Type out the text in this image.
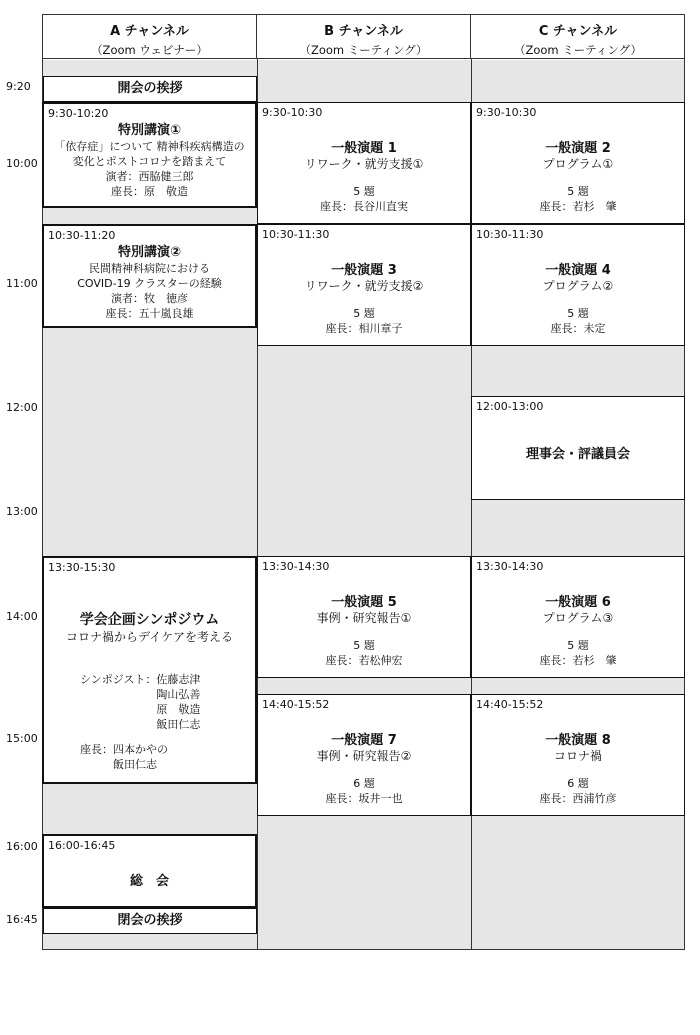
A チャンネル
（Zoom ウェビナー）
B チャンネル
（Zoom ミーティング）
C チャンネル
（Zoom ミーティング）
9:20
10:00
11:00
12:00
13:00
14:00
15:00
16:00
16:45
開会の挨拶
9:30-10:20
特別講演①
「依存症」について 精神科疾病構造の
変化とポストコロナを踏まえて
演者：西脇健三郎
座長：原　敬造
10:30-11:20
特別講演②
民間精神科病院における
COVID-19 クラスターの経験
演者：牧　徳彦
座長：五十嵐良雄
13:30-15:30
学会企画シンポジウム
コロナ禍からデイケアを考える
シンポジスト： 佐藤志津
陶山弘善
原　敬造
飯田仁志
座長： 四本かやの
飯田仁志
16:00-16:45
総　会
閉会の挨拶
9:30-10:30
一般演題 1
リワーク・就労支援①
5 題
座長：長谷川直実
9:30-10:30
一般演題 2
プログラム①
5 題
座長：若杉　肇
10:30-11:30
一般演題 3
リワーク・就労支援②
5 題
座長：相川章子
10:30-11:30
一般演題 4
プログラム②
5 題
座長：未定
12:00-13:00
理事会・評議員会
13:30-14:30
一般演題 5
事例・研究報告①
5 題
座長：若松伸宏
13:30-14:30
一般演題 6
プログラム③
5 題
座長：若杉　肇
14:40-15:52
一般演題 7
事例・研究報告②
6 題
座長：坂井一也
14:40-15:52
一般演題 8
コロナ禍
6 題
座長：西浦竹彦
